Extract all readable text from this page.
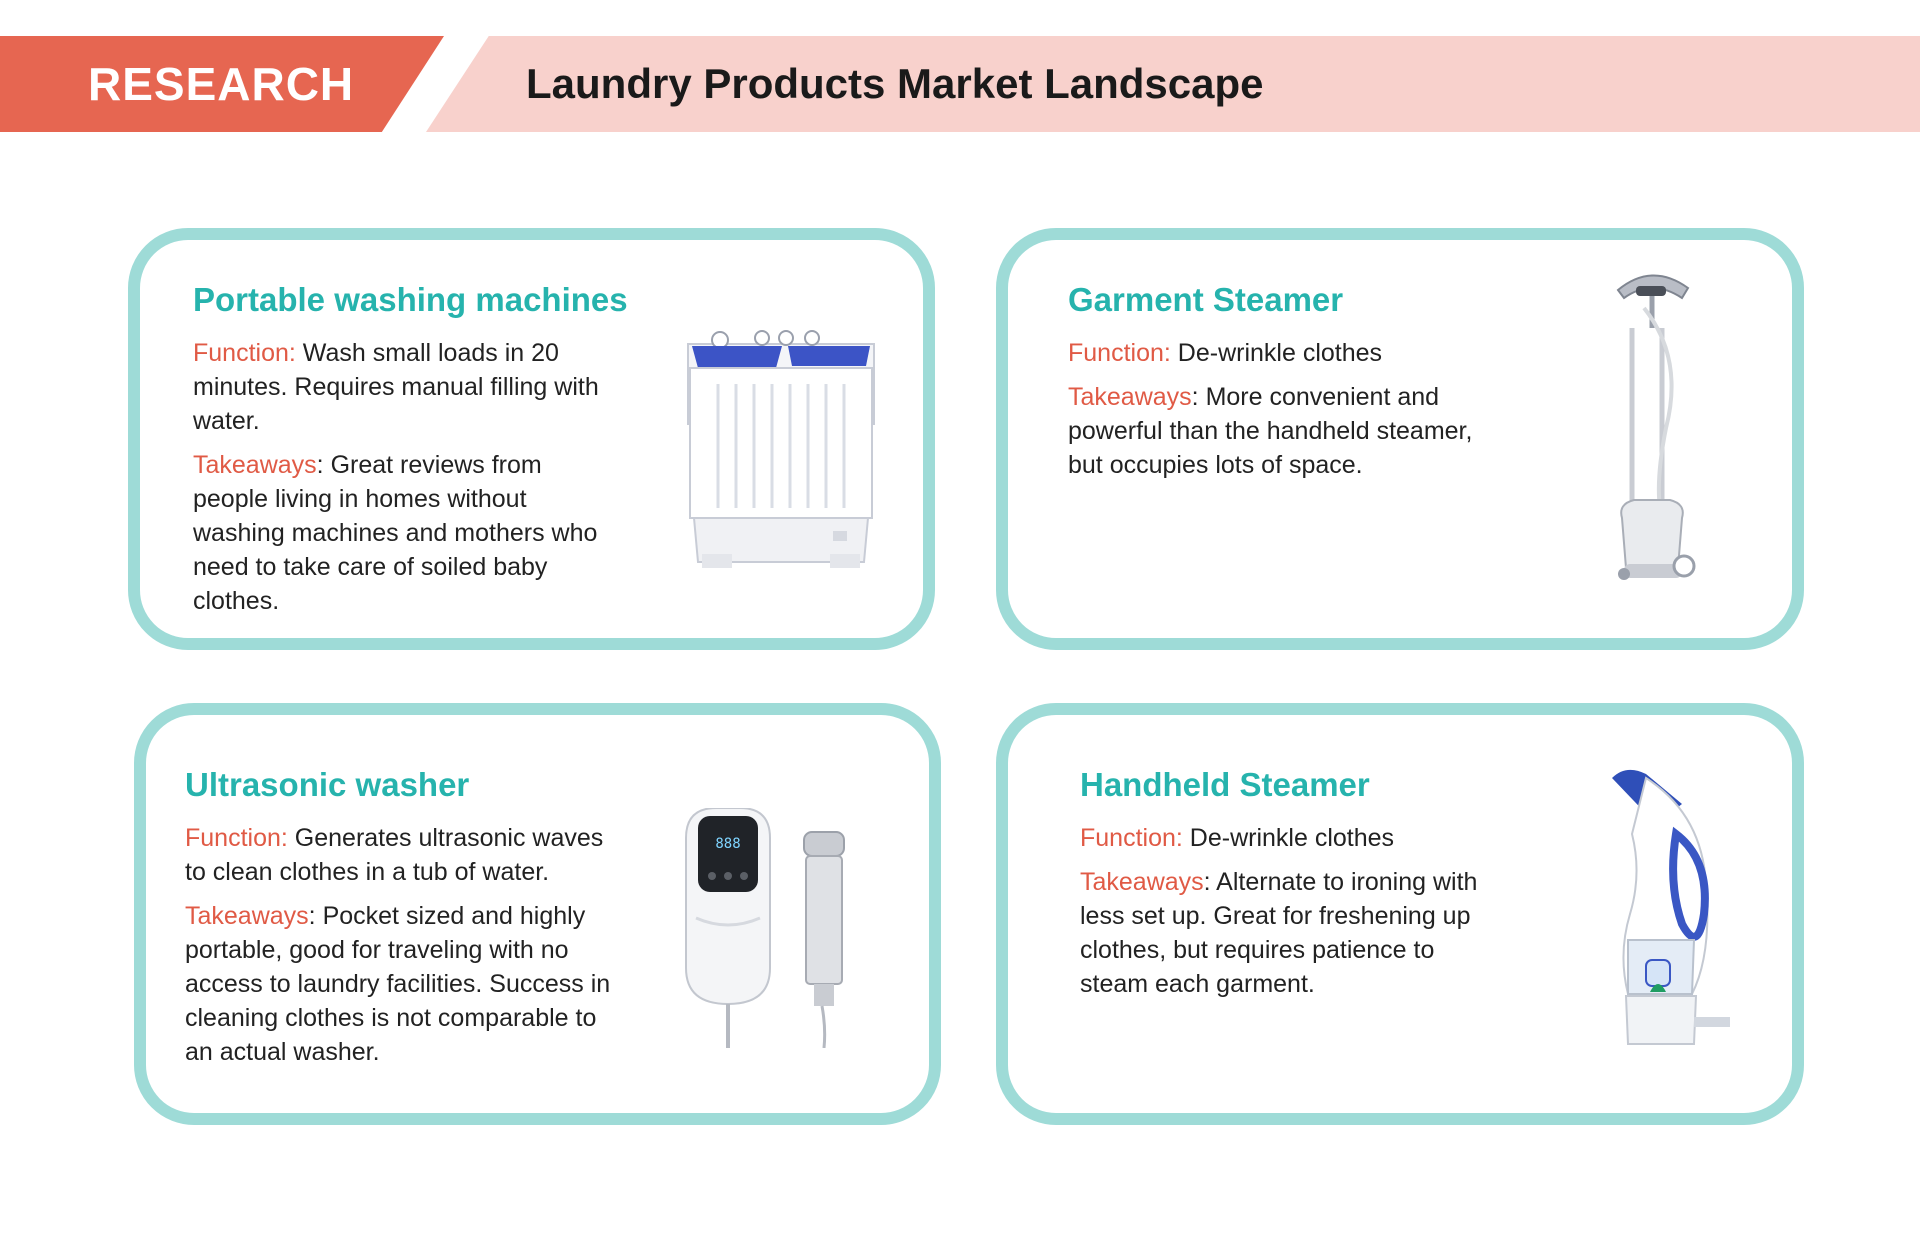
RESEARCH	Laundry Products Market Landscape
Portable washing machines

Function: Wash small loads in 20 minutes. Requires manual filling with water.

Takeaways: Great reviews from people living in homes without washing machines and mothers who need to take care of soiled baby clothes.

Garment Steamer

Function: De-wrinkle clothes

Takeaways: More convenient and powerful than the handheld steamer, but occupies lots of space.

Ultrasonic washer

Function: Generates ultrasonic waves to clean clothes in a tub of water.

Takeaways: Pocket sized and highly portable, good for traveling with no access to laundry facilities. Success in cleaning clothes is not comparable to an actual washer.

888
Handheld Steamer

Function: De-wrinkle clothes

Takeaways: Alternate to ironing with less set up. Great for freshening up clothes, but requires patience to steam each garment.
